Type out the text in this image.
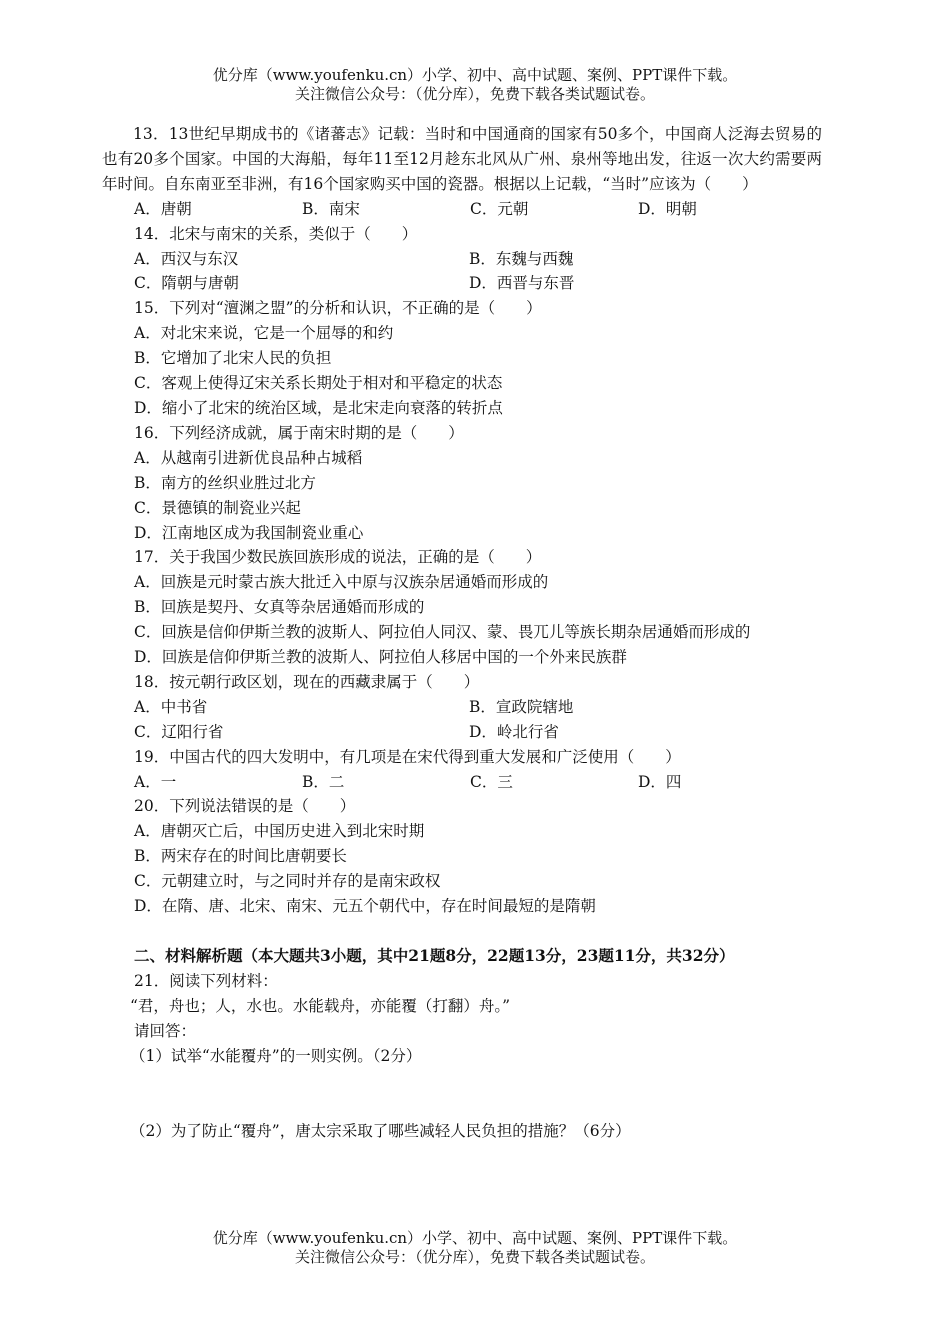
优分库（www.youfenku.cn）小学、初中、高中试题、案例、PPT课件下载。
关注微信公众号：（优分库），免费下载各类试题试卷。
13．13世纪早期成书的《诸蕃志》记载：当时和中国通商的国家有50多个，中国商人泛海去贸易的也有20多个国家。中国的大海船，每年11至12月趁东北风从广州、泉州等地出发，往返一次大约需要两年时间。自东南亚至非洲，有16个国家购买中国的瓷器。根据以上记载，“当时”应该为（　　）
A．唐朝	B．南宋	C．元朝	D．明朝
14．北宋与南宋的关系，类似于（　　）
A．西汉与东汉	B．东魏与西魏
C．隋朝与唐朝	D．西晋与东晋
15．下列对“澶渊之盟”的分析和认识，不正确的是（　　）
A．对北宋来说，它是一个屈辱的和约
B．它增加了北宋人民的负担
C．客观上使得辽宋关系长期处于相对和平稳定的状态
D．缩小了北宋的统治区域，是北宋走向衰落的转折点
16．下列经济成就，属于南宋时期的是（　　）
A．从越南引进新优良品种占城稻
B．南方的丝织业胜过北方
C．景德镇的制瓷业兴起
D．江南地区成为我国制瓷业重心
17．关于我国少数民族回族形成的说法，正确的是（　　）
A．回族是元时蒙古族大批迁入中原与汉族杂居通婚而形成的
B．回族是契丹、女真等杂居通婚而形成的
C．回族是信仰伊斯兰教的波斯人、阿拉伯人同汉、蒙、畏兀儿等族长期杂居通婚而形成的
D．回族是信仰伊斯兰教的波斯人、阿拉伯人移居中国的一个外来民族群
18．按元朝行政区划，现在的西藏隶属于（　　）
A．中书省	B．宣政院辖地
C．辽阳行省	D．岭北行省
19．中国古代的四大发明中，有几项是在宋代得到重大发展和广泛使用（　　）
A．一	B．二	C．三	D．四
20．下列说法错误的是（　　）
A．唐朝灭亡后，中国历史进入到北宋时期
B．两宋存在的时间比唐朝要长
C．元朝建立时，与之同时并存的是南宋政权
D．在隋、唐、北宋、南宋、元五个朝代中，存在时间最短的是隋朝
二、材料解析题（本大题共3小题，其中21题8分，22题13分，23题11分，共32分）
21．阅读下列材料：
“君，舟也；人，水也。水能载舟，亦能覆（打翻）舟。”
请回答：
（1）试举“水能覆舟”的一则实例。（2分）
（2）为了防止“覆舟”，唐太宗采取了哪些减轻人民负担的措施？（6分）
优分库（www.youfenku.cn）小学、初中、高中试题、案例、PPT课件下载。
关注微信公众号：（优分库），免费下载各类试题试卷。
